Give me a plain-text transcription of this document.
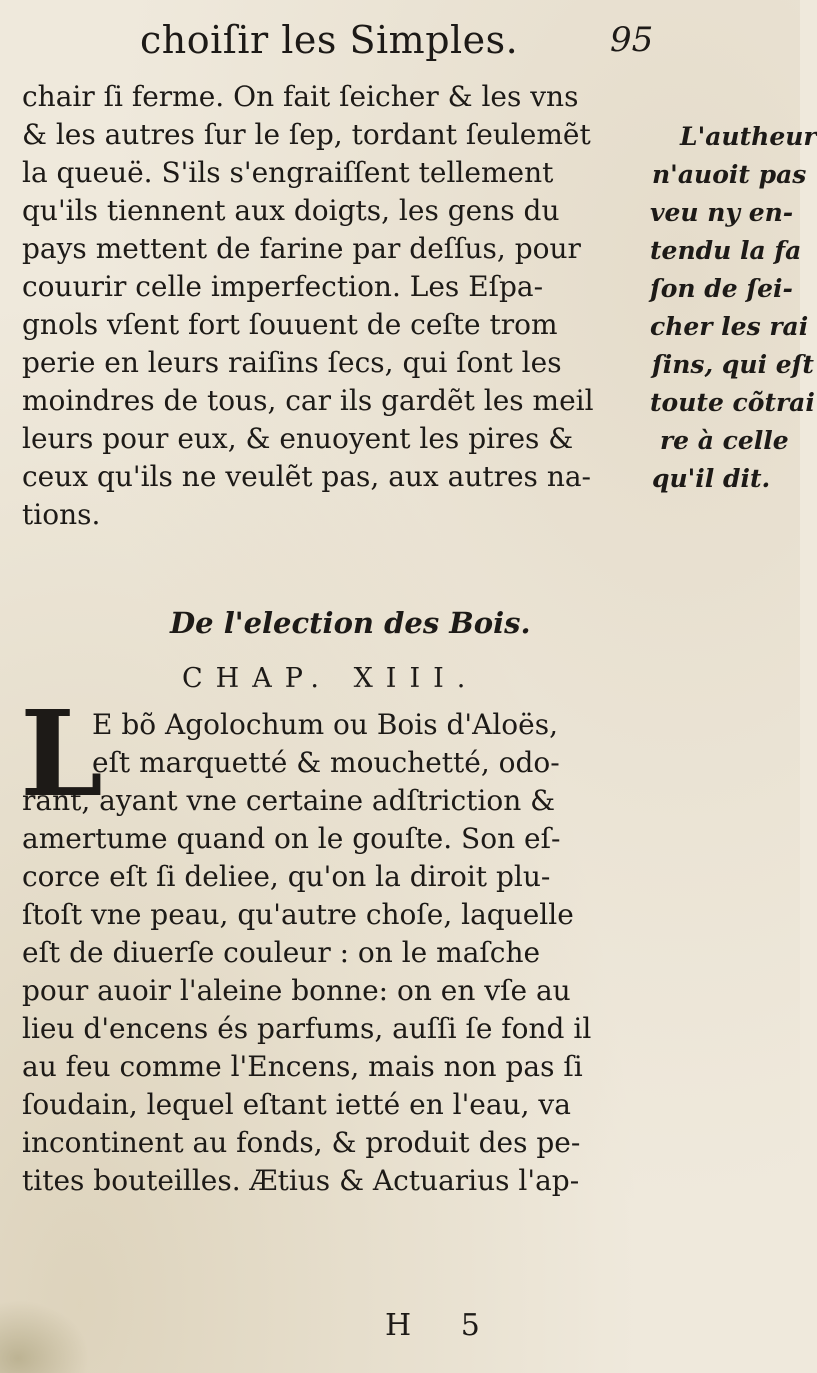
choiſir les Simples.	95
chair ſi ferme. On fait ſeicher & les vns
& les autres ſur le ſep, tordant ſeulemẽt
la queuë. S'ils s'engraiſſent tellement
qu'ils tiennent aux doigts, les gens du
pays mettent de farine par deſſus, pour
couurir celle imperfection. Les Eſpa-
gnols vſent fort ſouuent de ceſte trom
perie en leurs raiſins ſecs, qui ſont les
moindres de tous, car ils gardẽt les meil
leurs pour eux, & enuoyent les pires &
ceux qu'ils ne veulẽt pas, aux autres na-
tions.
L'autheur
n'auoit pas
veu ny en-
tendu la fa
ſon de ſei-
cher les rai
ſins, qui eſt
toute cõtrai
re à celle
qu'il dit.
De l'election des Bois.
CHAP. XIII.
L
E bõ Agolochum ou Bois d'Aloës,
eſt marquetté & mouchetté, odo-
rant, ayant vne certaine adſtriction &
amertume quand on le gouſte. Son eſ-
corce eſt ſi deliee, qu'on la diroit plu-
ſtoſt vne peau, qu'autre choſe, laquelle
eſt de diuerſe couleur : on le maſche
pour auoir l'aleine bonne: on en vſe au
lieu d'encens és parfums, auſſi ſe fond il
au feu comme l'Encens, mais non pas ſi
ſoudain, lequel eſtant ietté en l'eau, va
incontinent au fonds, & produit des pe-
tites bouteilles. Ætius & Actuarius l'ap-
H 5
